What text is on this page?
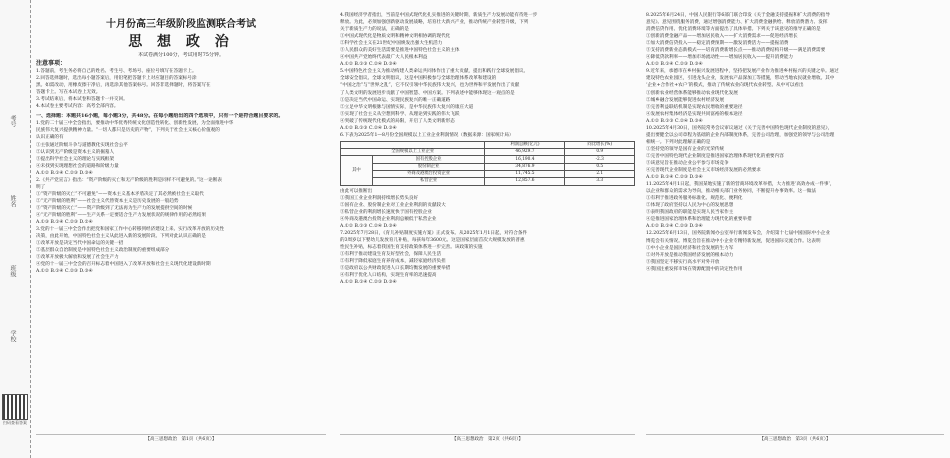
考号
姓名
班级
学校
扫码查看答案

十月份高三年级阶段监测联合考试

思 想 政 治

本试卷满分100分，考试用时75分钟。

注意事项：

1.答题前，考生务必将自己的姓名、考生号、考场号、座位号填写在答题卡上。

2.回答选择题时，选出每小题答案后，用铅笔把答题卡上对应题目的答案标号涂

黑。如需改动，用橡皮擦干净后，再选涂其他答案标号。回答非选择题时，将答案写在

答题卡上。写在本试卷上无效。

3.考试结束后，将本试卷和答题卡一并交回。

4.本试卷主要考试内容：高考全部内容。

一、选择题：本题共16小题，每小题3分，共48分。在每小题给出的四个选项中，只有一个是符合题目要求的。

1.党的二十届三中全会指出，要推动中华优秀传统文化创造性转化、创新性发展，为全面推进中华

民族伟大复兴提供精神力量。“一切人都只是历史的产物”，下列关于社会主义核心价值观的

认识正确的有

①主张通过阶级斗争与道德教化实现社会公平

②认识到无产阶级是资本主义的掘墓人

③提出科学社会主义的理论与实践框架

④未找到实现理想社会的道路和阶级力量

A.①② B.①④ C.②③ D.③④

2.《共产党宣言》指出：“资产阶级的灭亡和无产阶级的胜利是同样不可避免的。”这一论断表

明了

①“资产阶级的灭亡”不可避免”——资本主义基本矛盾决定了其必然被社会主义取代

②“无产阶级的胜利”——社会主义代替资本主义是历史发展的一般趋势

③“资产阶级的灭亡”——资产阶级到了无法再为生产力的发展提供空间的时候

④“无产阶级的胜利”——生产关系一定要适合生产力发展状况的规律作用的必然结果

A.①③ B.①④ C.②③ D.②④

3.党的十一届三中全会作出把党和国家工作中心转移到经济建设上来、实行改革开放的历史性

决策，由此开始，中国特色社会主义从此进入新的发展阶段。下列对此认识正确的是

①改革开放是决定当代中国命运的关键一招

②基层群众自治制度是中国特色社会主义政治制度的重要组成部分

③改革开放极大解放和发展了社会生产力

④党的十一届三中全会的召开标志着中国进入了改革开放和社会主义现代化建设新时期

A.①② B.①④ C.②③ D.③④

【高三思想政治　第1页（共6页）】

4.我国经济学者指出，当前是中国式现代化扎实推进的关键时期，新质生产力发展动能有待进一步

释放。为此，必须加强创新驱动发展战略，培育壮大新兴产业，推动传统产业转型升级，下列

关于新质生产力的说法，正确的是

①中国式现代化是物质文明和精神文明相协调的现代化

②科学社会主义在21世纪中国焕发出强大生机活力

③人民群众的美好生活需要是推进中国特色社会主义的主体

④中国共产党始终代表最广大人民根本利益

A.①② B.①③ C.②④ D.③④

5.中国特色社会主义为推动构建人类命运共同体作出了重大贡献，提出和践行全球发展倡议、

全球安全倡议、全球文明倡议，这是中国积极参与全球治理体系改革和建设的

“中国之治”与“世界之乱”，它不仅引领中华民族伟大复兴，也为世界和平发展作出了贡献

了人类文明的发展进步贡献了中国智慧、中国方案。下列表述中能够体现这一观点的是

①是决定当代中国命运、实现民族复兴的唯一正确道路

②立足中华文明根脉与国情实际，是中华民族伟大复兴的康庄大道

③实现了社会主义从空想到科学、从理论到实践的伟大飞跃

④突破了传统现代化模式的局限，开启了人类文明新形态

A.①② B.①③ C.②④ D.③④

6.下表为2025年1—8月份全国规模以上工业企业利润情况（数据来源：国家统计局）

		利润总额(亿元)	同比增长(%)
全国规模以上工业企业		46,929.7	0.9
其中	国有控股企业	16,190.4	-2.3
	股份制企业	34,876.9	0.5
	外商及港澳台投资企业	11,745.5	2.1
	私营企业	12,857.6	3.3

由此可以推断出

①我国工业企业利润持续增长势头良好

②国有企业、股份制企业对工业企业利润的贡献较大

③私营企业的利润增长速度快于国有控股企业

④外商及港澳台投资企业利润总额低于私营企业

A.①② B.①③ C.②④ D.③④

7.2025年7月28日，《育儿补贴制度实施方案》正式发布。从2025年1月1日起，对符合条件

的3周岁以下婴幼儿发放育儿补贴，每孩每年3600元。这是国家层面首次大规模发放的普惠

性民生补贴，标志着我国生育支持政策体系进一步完善。该政策的实施

①有利于推动建设生育友好型社会，保障人民生活

②有利于降低家庭生育养育成本，减轻家庭经济负担

③是政府以公共财政促进人口长期均衡发展的重要举措

④有利于优化人口结构，实现生育率的迅速提高

A.①② B.①④ C.②③ D.③④

【高三思想政治　第2页（共6页）】

8.2025年6月24日，中国人民银行等6部门联合印发《关于金融支持提振和扩大消费的指导

意见》。意见围绕服务消费，通过增强消费能力、扩大消费金融供给、释放消费潜力、发挥

消费信贷作用、优化消费环境等方面提出了具体举措。下列关于该意见的推导正确的是

①创新消费金融产品——增加居民收入——扩大消费需求——促进经济增长

②加大消费信贷投入——稳定消费预期——激发消费活力——提振消费

③支持消费新业态新模式——培育消费新增长点——推动消费结构升级——满足消费需要

④降低贷款利率——增加市场流动性——增加居民收入——提升消费能力

A.①② B.①④ C.②③ D.③④

9.近年来，承德市在乡村振兴发展进程中，坚持把发展产业作为推进乡村振兴的关键之举。通过

建设特色农业园区，引进龙头企业，发展农产品深加工等措施，带动当地农民就业增收。其中

‘企业+合作社+农户’的模式，推动了传统农业向现代农业转型。从中可以看出

①创新农业经营体系能够推动农业现代化发展

②城乡融合发展能够促进农村经济发展

③完善利益联结机制是实现农民增收的重要途径

④发展农村集体经济是实现共同富裕的根本途径

A.①② B.①③ C.②④ D.③④

10.2025年4月30日，国务院常务会议审议通过《关于完善中国特色现代企业制度的意见》，

提出要健全以公司章程为基础的企业内部制度体系，完善公司治理，加强党的领导与公司治理

相统一。下列对此理解正确的是

①坚持党的领导是国有企业的光荣传统

②完善中国特色现代企业制度是推进国家治理体系现代化的重要内容

③该意见旨在推动企业公平参与市场竞争

④完善现代企业制度是社会主义市场经济发展的必然要求

A.①② B.①④ C.②③ D.③④

11.2025年4月1日起，我国某地实施了新的营商环境改革举措，大力推进‘高效办成一件事’，

以企业和群众的需求为导向，推动相关部门业务协同，不断提升办事效率。这一做法

①有利于推进政务服务标准化、规范化、便利化

②体现了政府坚持以人民为中心的发展思想

③表明我国政府的职能是实现人民当家作主

④是推进国家治理体系和治理能力现代化的重要举措

A.①② B.①④ C.②③ D.③④

12.2025年6月13日，国务院新闻办公室举行新闻发布会，介绍第十七届中国国际中小企业

博览会有关情况。博览会旨在推动中小企业专精特新发展，促进国际交流合作。这表明

①中小企业是国民经济和社会发展的生力军

②对外开放是推动我国经济发展的根本动力

③我国坚定不移实行高水平对外开放

④我国注重发挥市场在资源配置中的决定性作用

【高三思想政治　第3页（共6页）】
